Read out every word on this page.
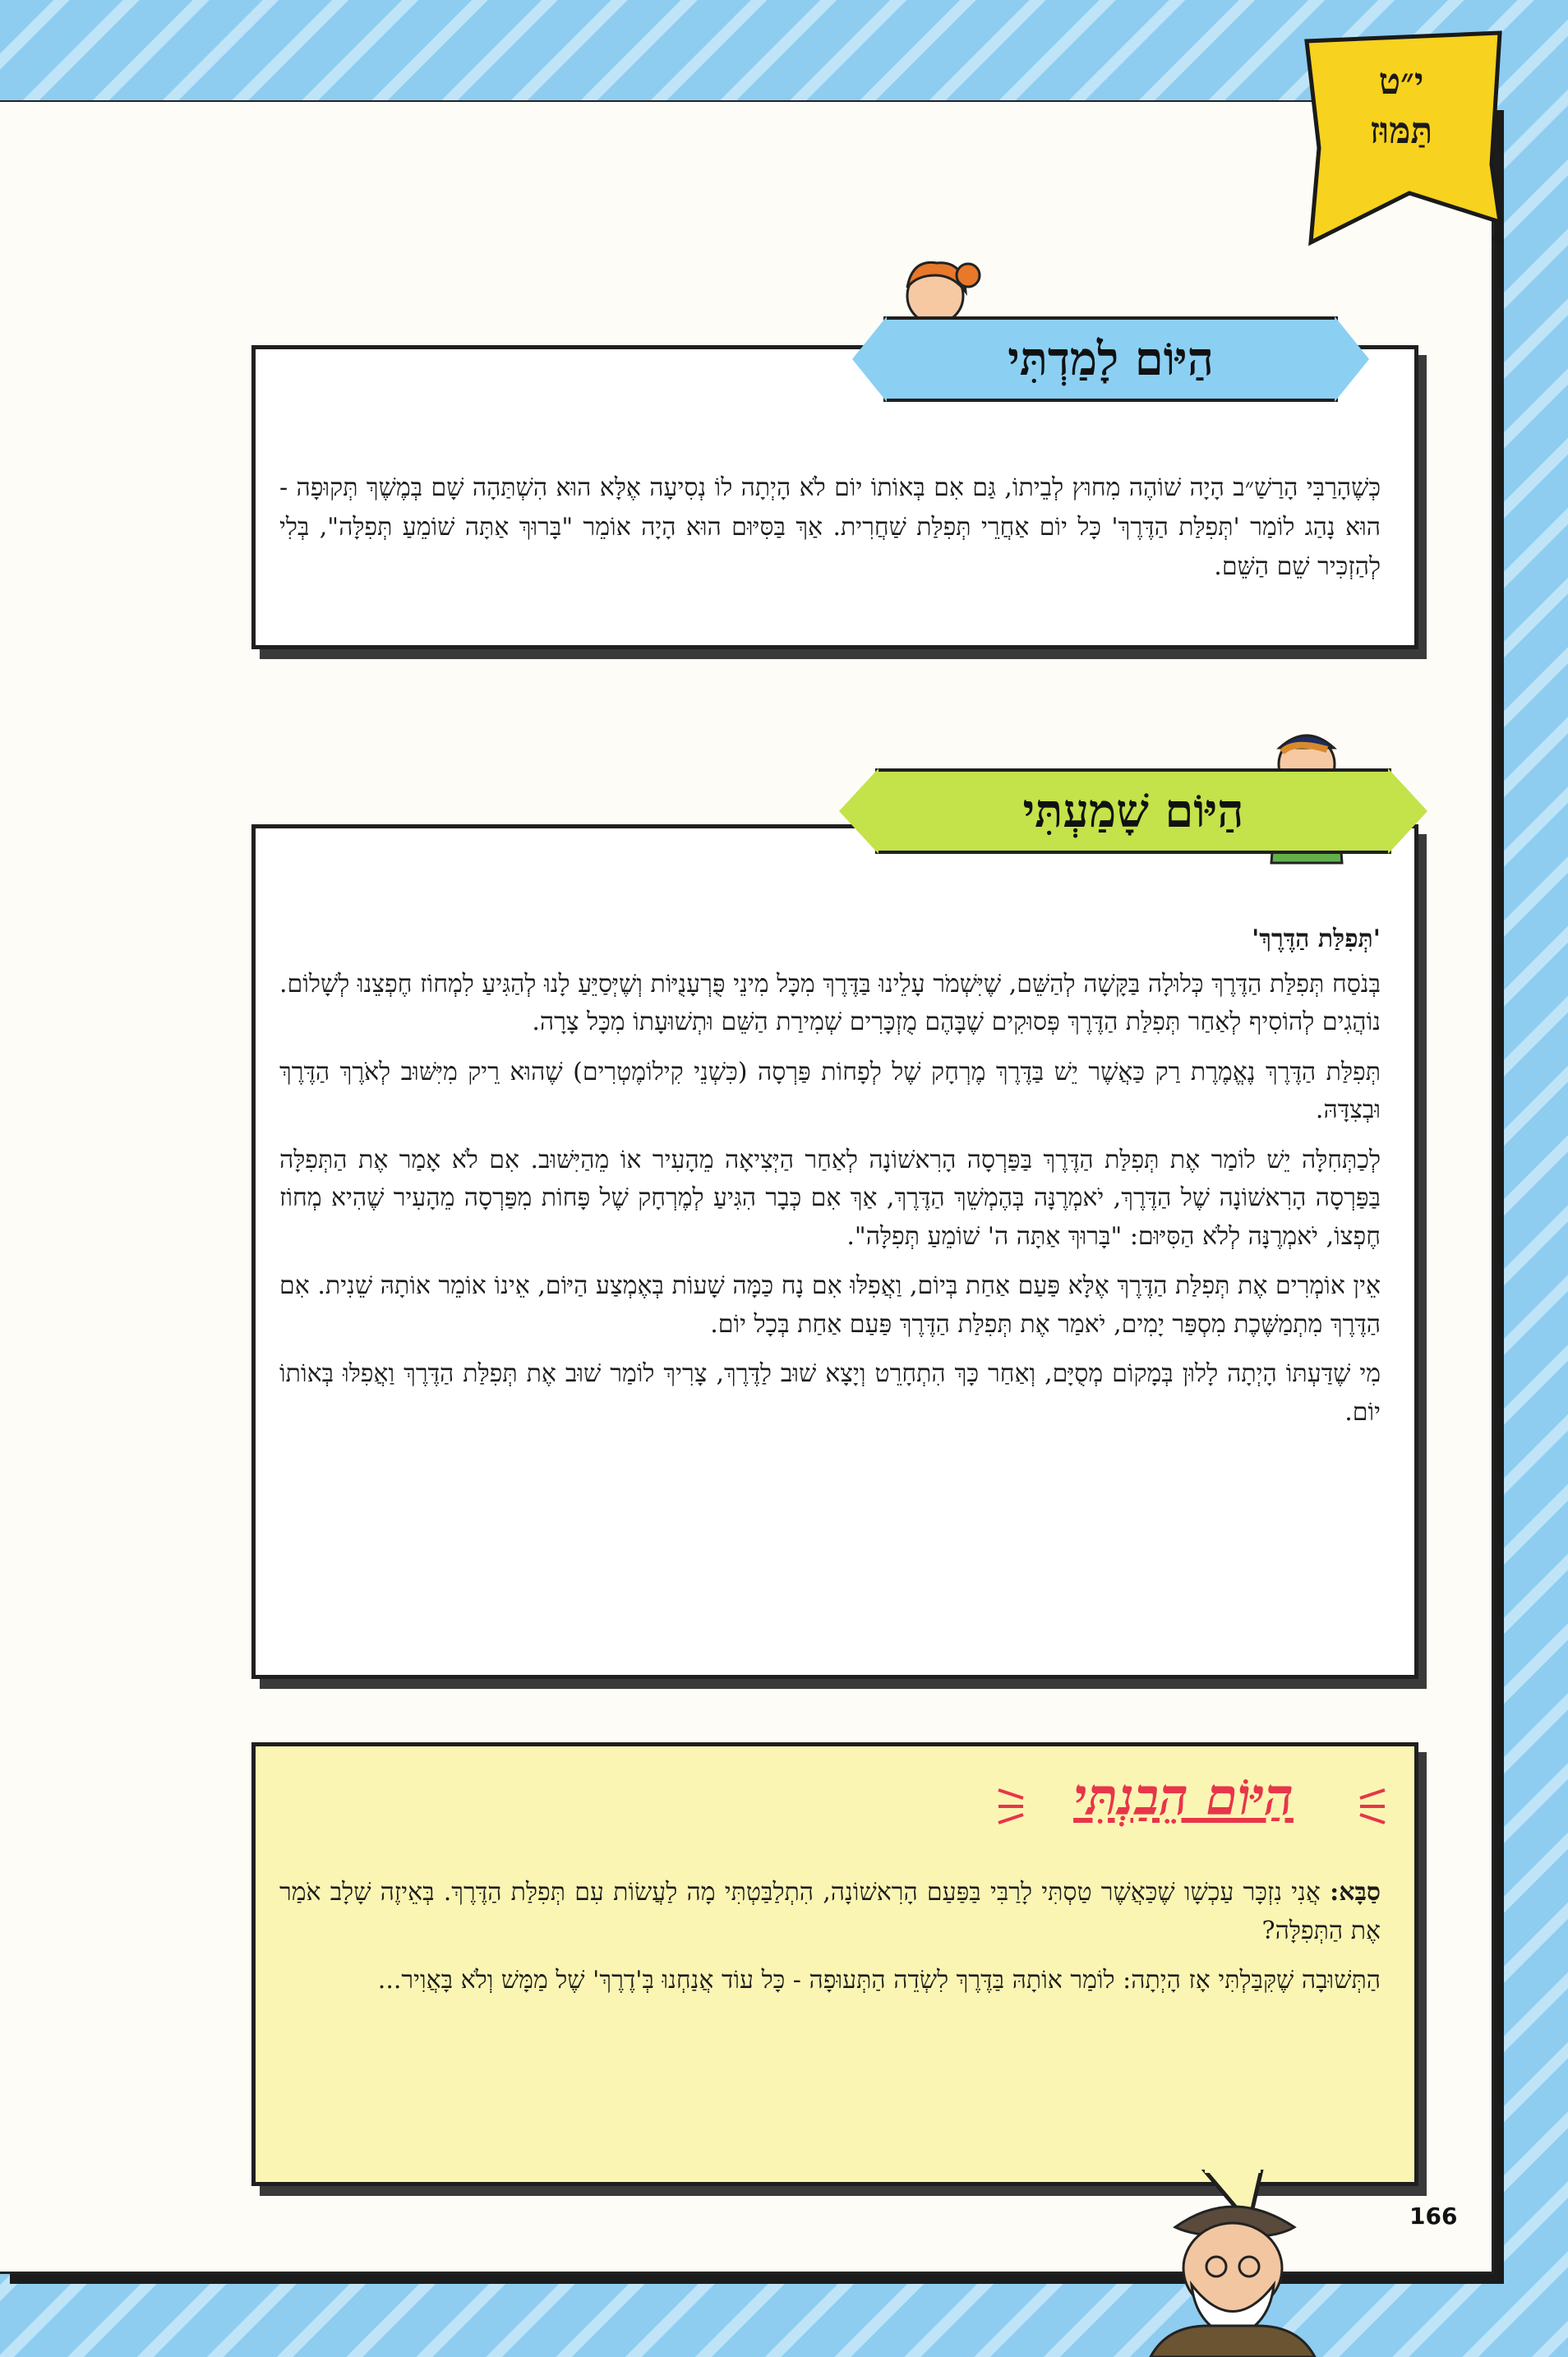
י״ט
תַּמּוּז
הַיּוֹם לָמַדְתִּי
כְּשֶׁהָרַבִּי הָרַשַׁ״ב הָיָה שׁוֹהֶה מִחוּץ לְבֵיתוֹ, גַּם אִם בְּאוֹתוֹ יוֹם לֹא הָיְתָה לוֹ נְסִיעָה אֶלָּא הוּא הִשְׁתַּהָה שָׁם בְּמֶשֶׁךְ תְּקוּפָה - הוּא נָהַג לוֹמַר 'תְּפִלַּת הַדֶּרֶךְ' כָּל יוֹם אַחֲרֵי תְּפִלַּת שַׁחֲרִית. אַךְ בַּסִּיּוּם הוּא הָיָה אוֹמֵר "בָּרוּךְ אַתָּה שׁוֹמֵעַ תְּפִלָּה", בְּלִי לְהַזְכִּיר שֵׁם הַשֵּׁם.
הַיּוֹם שָׁמַעְתִּי

'תְּפִלַּת הַדֶּרֶךְ'

בְּנֹסַח תְּפִלַּת הַדֶּרֶךְ כְּלוּלָה בַּקָּשָׁה לְהַשֵּׁם, שֶׁיִּשְׁמֹר עָלֵינוּ בַּדֶּרֶךְ מִכָּל מִינֵי פֻּרְעָנֻיּוֹת וְשֶׁיְּסַיֵּעַ לָנוּ לְהַגִּיעַ לִמְחוֹז חֶפְצֵנוּ לְשָׁלוֹם. נוֹהֲגִים לְהוֹסִיף לְאַחַר תְּפִלַּת הַדֶּרֶךְ פְּסוּקִים שֶׁבָּהֶם מֻזְכָּרִים שְׁמִירַת הַשֵּׁם וּתְשׁוּעָתוֹ מִכָּל צָרָה.

תְּפִלַּת הַדֶּרֶךְ נֶאֱמֶרֶת רַק כַּאֲשֶׁר יֵשׁ בַּדֶּרֶךְ מֶרְחָק שֶׁל לְפָחוֹת פַּרְסָה (כִּשְׁנֵי קִילוֹמֶטְרִים) שֶׁהוּא רֵיק מִיִּשּׁוּב לְאֹרֶךְ הַדֶּרֶךְ וּבְצִדָּהּ.

לְכַתְּחִלָּה יֵשׁ לוֹמַר אֶת תְּפִלַּת הַדֶּרֶךְ בַּפַּרְסָה הָרִאשׁוֹנָה לְאַחַר הַיְּצִיאָה מֵהָעִיר אוֹ מֵהַיִּשּׁוּב. אִם לֹא אָמַר אֶת הַתְּפִלָּה בַּפַּרְסָה הָרִאשׁוֹנָה שֶׁל הַדֶּרֶךְ, יֹאמְרֶנָּה בְּהֶמְשֵׁךְ הַדֶּרֶךְ, אַךְ אִם כְּבָר הִגִּיעַ לְמֶרְחָק שֶׁל פָּחוֹת מִפַּרְסָה מֵהָעִיר שֶׁהִיא מְחוֹז חֶפְצוֹ, יֹאמְרֶנָּה לְלֹא הַסִּיּוּם: "בָּרוּךְ אַתָּה ה' שׁוֹמֵעַ תְּפִלָּה".

אֵין אוֹמְרִים אֶת תְּפִלַּת הַדֶּרֶךְ אֶלָּא פַּעַם אַחַת בְּיוֹם, וַאֲפִלּוּ אִם נָח כַּמָּה שָׁעוֹת בְּאֶמְצַע הַיּוֹם, אֵינוֹ אוֹמֵר אוֹתָהּ שֵׁנִית. אִם הַדֶּרֶךְ מִתְמַשֶּׁכֶת מִסְפַּר יָמִים, יֹאמַר אֶת תְּפִלַּת הַדֶּרֶךְ פַּעַם אַחַת בְּכָל יוֹם.

מִי שֶׁדַּעְתּוֹ הָיְתָה לָלוּן בְּמָקוֹם מְסֻיָּם, וְאַחַר כָּךְ הִתְחָרֵט וְיָצָא שׁוּב לַדֶּרֶךְ, צָרִיךְ לוֹמַר שׁוּב אֶת תְּפִלַּת הַדֶּרֶךְ וַאֲפִלּוּ בְּאוֹתוֹ יוֹם.

הַיּוֹם הֵבַנְתִּי

סַבָּא: אֲנִי נִזְכָּר עַכְשָׁו שֶׁכַּאֲשֶׁר טַסְתִּי לָרַבִּי בַּפַּעַם הָרִאשׁוֹנָה, הִתְלַבַּטְתִּי מָה לַעֲשׂוֹת עִם תְּפִלַּת הַדֶּרֶךְ. בְּאֵיזֶה שָׁלָב אֹמַר אֶת הַתְּפִלָּה?

הַתְּשׁוּבָה שֶׁקִּבַּלְתִּי אָז הָיְתָה: לוֹמַר אוֹתָהּ בַּדֶּרֶךְ לִשְׂדֵה הַתְּעוּפָה - כָּל עוֹד אֲנַחְנוּ בְּ'דֶרֶךְ' שֶׁל מַמָּשׁ וְלֹא בָּאֲוִיר...

166
